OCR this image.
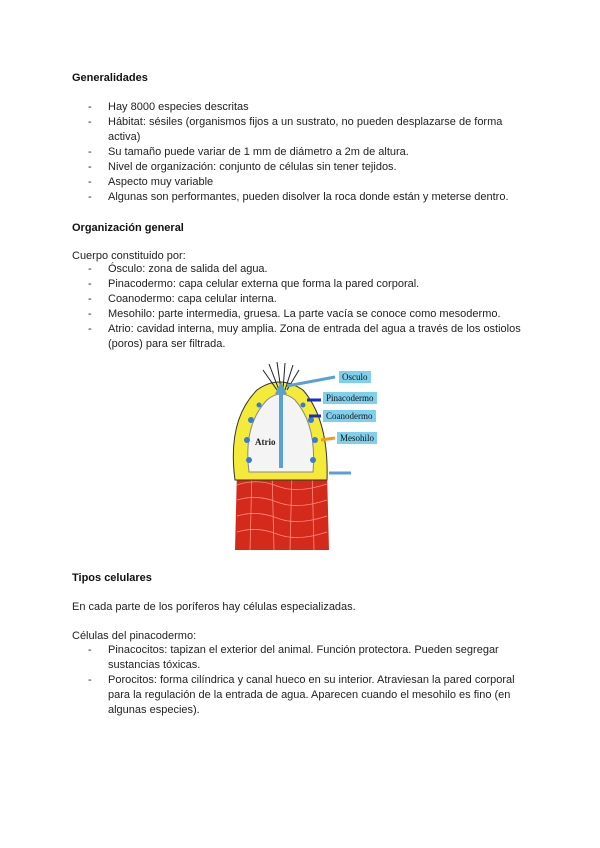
Generalidades
- Hay 8000 especies descritas
- Hábitat: sésiles (organismos fijos a un sustrato, no pueden desplazarse de forma activa)
- Su tamaño puede variar de 1 mm de diámetro a 2m de altura.
- Nivel de organización: conjunto de células sin tener tejidos.
- Aspecto muy variable
- Algunas son performantes, pueden disolver la roca donde están y meterse dentro.
Organización general
Cuerpo constituido por:
- Ósculo: zona de salida del agua.
- Pinacodermo: capa celular externa que forma la pared corporal.
- Coanodermo: capa celular interna.
- Mesohilo: parte intermedia, gruesa. La parte vacía se conoce como mesodermo.
- Atrio: cavidad interna, muy amplia. Zona de entrada del agua a través de los ostiolos (poros) para ser filtrada.
Osculo
Pinacodermo
Coanodermo
Mesohilo
Atrio
Tipos celulares
En cada parte de los poríferos hay células especializadas.
Células del pinacodermo:
- Pinacocitos: tapizan el exterior del animal. Función protectora. Pueden segregar sustancias tóxicas.
- Porocitos: forma cilíndrica y canal hueco en su interior. Atraviesan la pared corporal para la regulación de la entrada de agua. Aparecen cuando el mesohilo es fino (en algunas especies).
